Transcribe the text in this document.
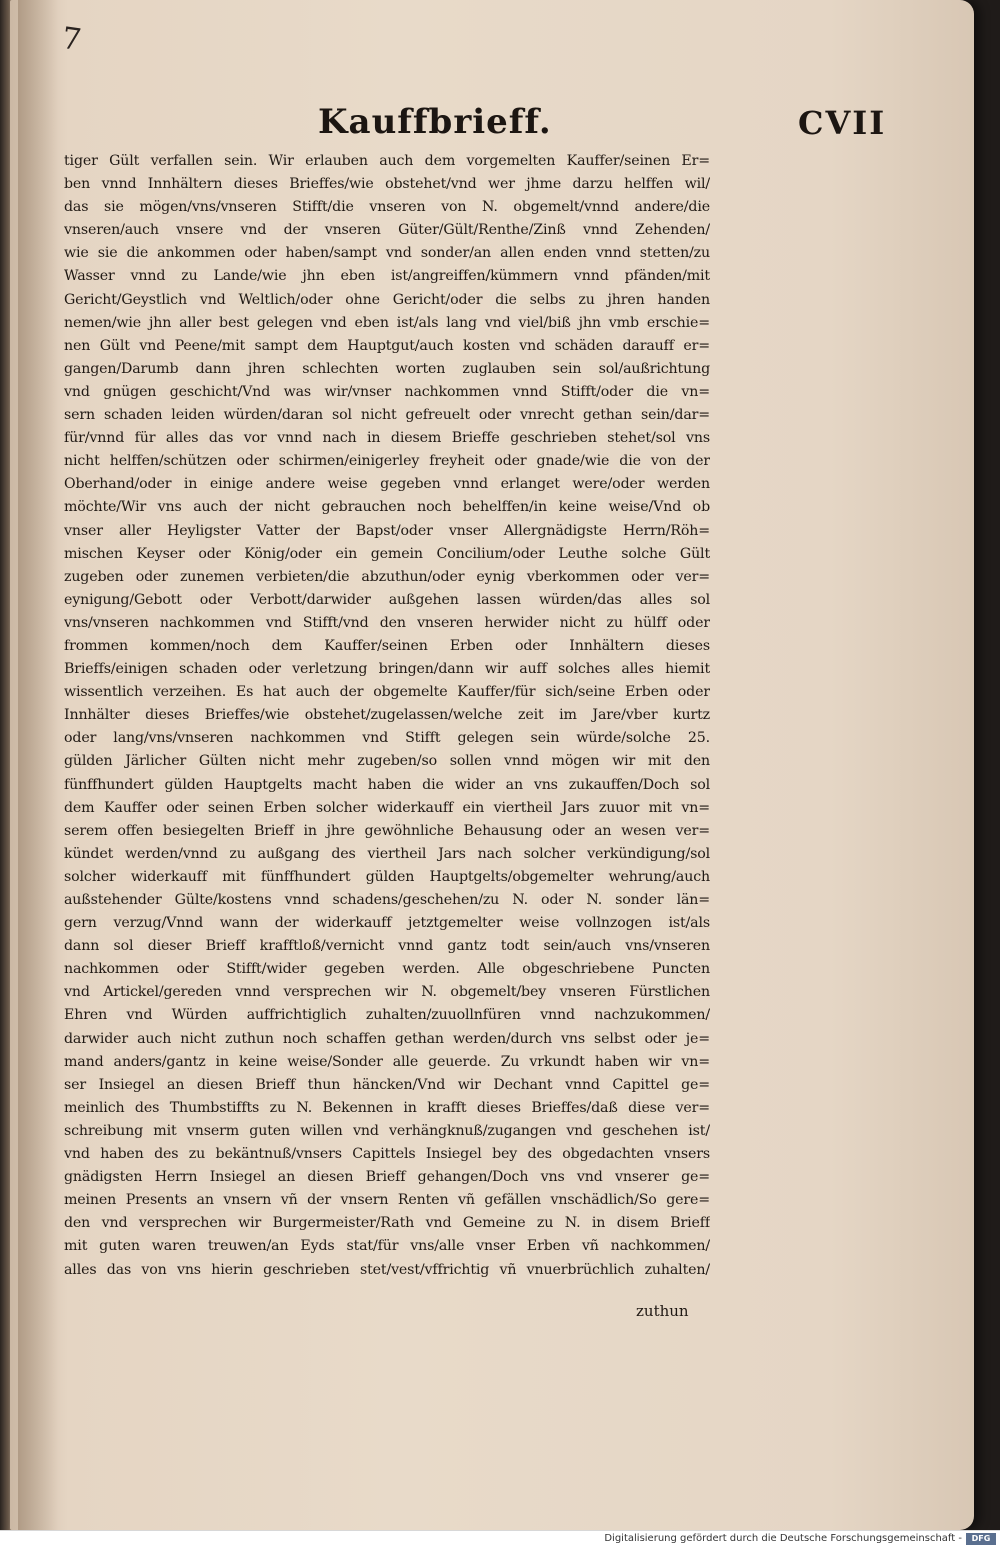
7
Kauffbrieff.	CVII
tiger Gült verfallen sein. Wir erlauben auch dem vorgemelten Kauffer/seinen Er=
ben vnnd Innhältern dieses Brieffes/wie obstehet/vnd wer jhme darzu helffen wil/
das sie mögen/vns/vnseren Stifft/die vnseren von N. obgemelt/vnnd andere/die
vnseren/auch vnsere vnd der vnseren Güter/Gült/Renthe/Zinß vnnd Zehenden/
wie sie die ankommen oder haben/sampt vnd sonder/an allen enden vnnd stetten/zu
Wasser vnnd zu Lande/wie jhn eben ist/angreiffen/kümmern vnnd pfänden/mit
Gericht/Geystlich vnd Weltlich/oder ohne Gericht/oder die selbs zu jhren handen
nemen/wie jhn aller best gelegen vnd eben ist/als lang vnd viel/biß jhn vmb erschie=
nen Gült vnd Peene/mit sampt dem Hauptgut/auch kosten vnd schäden darauff er=
gangen/Darumb dann jhren schlechten worten zuglauben sein sol/außrichtung
vnd gnügen geschicht/Vnd was wir/vnser nachkommen vnnd Stifft/oder die vn=
sern schaden leiden würden/daran sol nicht gefreuelt oder vnrecht gethan sein/dar=
für/vnnd für alles das vor vnnd nach in diesem Brieffe geschrieben stehet/sol vns
nicht helffen/schützen oder schirmen/einigerley freyheit oder gnade/wie die von der
Oberhand/oder in einige andere weise gegeben vnnd erlanget were/oder werden
möchte/Wir vns auch der nicht gebrauchen noch behelffen/in keine weise/Vnd ob
vnser aller Heyligster Vatter der Bapst/oder vnser Allergnädigste Herrn/Röh=
mischen Keyser oder König/oder ein gemein Concilium/oder Leuthe solche Gült
zugeben oder zunemen verbieten/die abzuthun/oder eynig vberkommen oder ver=
eynigung/Gebott oder Verbott/darwider außgehen lassen würden/das alles sol
vns/vnseren nachkommen vnd Stifft/vnd den vnseren herwider nicht zu hülff oder
frommen kommen/noch dem Kauffer/seinen Erben oder Innhältern dieses
Brieffs/einigen schaden oder verletzung bringen/dann wir auff solches alles hiemit
wissentlich verzeihen. Es hat auch der obgemelte Kauffer/für sich/seine Erben oder
Innhälter dieses Brieffes/wie obstehet/zugelassen/welche zeit im Jare/vber kurtz
oder lang/vns/vnseren nachkommen vnd Stifft gelegen sein würde/solche 25.
gülden Järlicher Gülten nicht mehr zugeben/so sollen vnnd mögen wir mit den
fünffhundert gülden Hauptgelts macht haben die wider an vns zukauffen/Doch sol
dem Kauffer oder seinen Erben solcher widerkauff ein viertheil Jars zuuor mit vn=
serem offen besiegelten Brieff in jhre gewöhnliche Behausung oder an wesen ver=
kündet werden/vnnd zu außgang des viertheil Jars nach solcher verkündigung/sol
solcher widerkauff mit fünffhundert gülden Hauptgelts/obgemelter wehrung/auch
außstehender Gülte/kostens vnnd schadens/geschehen/zu N. oder N. sonder län=
gern verzug/Vnnd wann der widerkauff jetztgemelter weise vollnzogen ist/als
dann sol dieser Brieff krafftloß/vernicht vnnd gantz todt sein/auch vns/vnseren
nachkommen oder Stifft/wider gegeben werden. Alle obgeschriebene Puncten
vnd Artickel/gereden vnnd versprechen wir N. obgemelt/bey vnseren Fürstlichen
Ehren vnd Würden auffrichtiglich zuhalten/zuuollnfüren vnnd nachzukommen/
darwider auch nicht zuthun noch schaffen gethan werden/durch vns selbst oder je=
mand anders/gantz in keine weise/Sonder alle geuerde. Zu vrkundt haben wir vn=
ser Insiegel an diesen Brieff thun häncken/Vnd wir Dechant vnnd Capittel ge=
meinlich des Thumbstiffts zu N. Bekennen in krafft dieses Brieffes/daß diese ver=
schreibung mit vnserm guten willen vnd verhängknuß/zugangen vnd geschehen ist/
vnd haben des zu bekäntnuß/vnsers Capittels Insiegel bey des obgedachten vnsers
gnädigsten Herrn Insiegel an diesen Brieff gehangen/Doch vns vnd vnserer ge=
meinen Presents an vnsern vñ der vnsern Renten vñ gefällen vnschädlich/So gere=
den vnd versprechen wir Burgermeister/Rath vnd Gemeine zu N. in disem Brieff
mit guten waren treuwen/an Eyds stat/für vns/alle vnser Erben vñ nachkommen/
alles das von vns hierin geschrieben stet/vest/vffrichtig vñ vnuerbrüchlich zuhalten/
zuthun
Digitalisierung gefördert durch die Deutsche Forschungsgemeinschaft -	DFG
